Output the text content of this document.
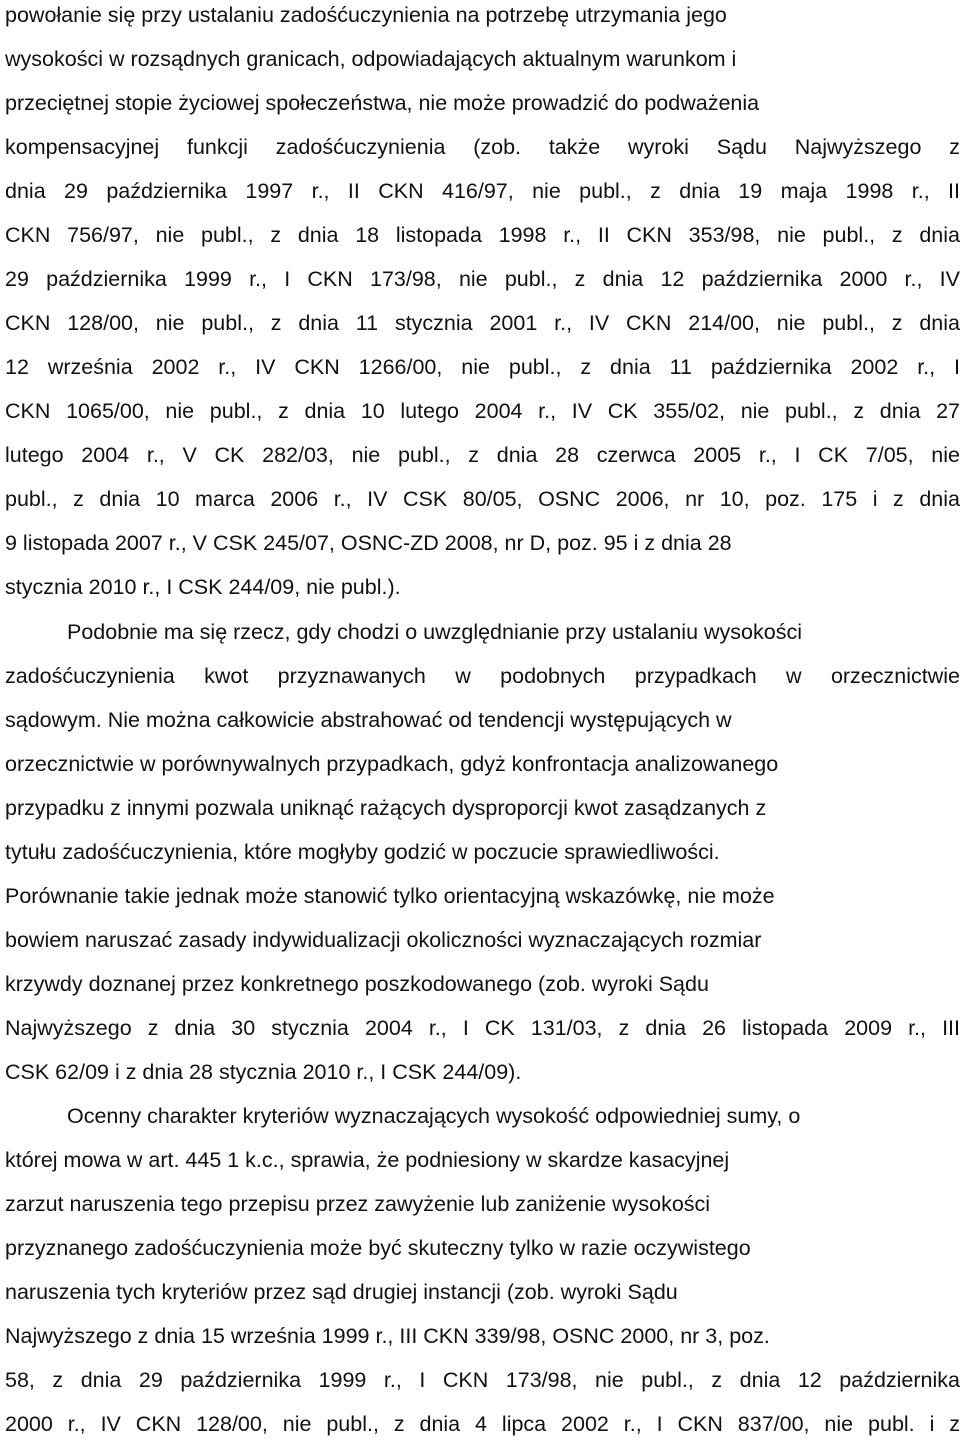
powołanie się przy ustalaniu zadośćuczynienia na potrzebę utrzymania jego
wysokości w rozsądnych granicach, odpowiadających aktualnym warunkom i
przeciętnej stopie życiowej społeczeństwa, nie może prowadzić do podważenia
kompensacyjnej funkcji zadośćuczynienia (zob. także wyroki Sądu Najwyższego z
dnia 29 października 1997 r., II CKN 416/97, nie publ., z dnia 19 maja 1998 r., II
CKN 756/97, nie publ., z dnia 18 listopada 1998 r., II CKN 353/98, nie publ., z dnia
29 października 1999 r., I CKN 173/98, nie publ., z dnia 12 października 2000 r., IV
CKN 128/00, nie publ., z dnia 11 stycznia 2001 r., IV CKN 214/00, nie publ., z dnia
12 września 2002 r., IV CKN 1266/00, nie publ., z dnia 11 października 2002 r., I
CKN 1065/00, nie publ., z dnia 10 lutego 2004 r., IV CK 355/02, nie publ., z dnia 27
lutego 2004 r., V CK 282/03, nie publ., z dnia 28 czerwca 2005 r., I CK 7/05, nie
publ., z dnia 10 marca 2006 r., IV CSK 80/05, OSNC 2006, nr 10, poz. 175 i z dnia
9 listopada 2007 r., V CSK 245/07, OSNC-ZD 2008, nr D, poz. 95 i z dnia 28
stycznia 2010 r., I CSK 244/09, nie publ.).
Podobnie ma się rzecz, gdy chodzi o uwzględnianie przy ustalaniu wysokości
zadośćuczynienia kwot przyznawanych w podobnych przypadkach w orzecznictwie
sądowym. Nie można całkowicie abstrahować od tendencji występujących w
orzecznictwie w porównywalnych przypadkach, gdyż konfrontacja analizowanego
przypadku z innymi pozwala uniknąć rażących dysproporcji kwot zasądzanych z
tytułu zadośćuczynienia, które mogłyby godzić w poczucie sprawiedliwości.
Porównanie takie jednak może stanowić tylko orientacyjną wskazówkę, nie może
bowiem naruszać zasady indywidualizacji okoliczności wyznaczających rozmiar
krzywdy doznanej przez konkretnego poszkodowanego (zob. wyroki Sądu
Najwyższego z dnia 30 stycznia 2004 r., I CK 131/03, z dnia 26 listopada 2009 r., III
CSK 62/09 i z dnia 28 stycznia 2010 r., I CSK 244/09).
Ocenny charakter kryteriów wyznaczających wysokość odpowiedniej sumy, o
której mowa w art. 445 1 k.c., sprawia, że podniesiony w skardze kasacyjnej
zarzut naruszenia tego przepisu przez zawyżenie lub zaniżenie wysokości
przyznanego zadośćuczynienia może być skuteczny tylko w razie oczywistego
naruszenia tych kryteriów przez sąd drugiej instancji (zob. wyroki Sądu
Najwyższego z dnia 15 września 1999 r., III CKN 339/98, OSNC 2000, nr 3, poz.
58, z dnia 29 października 1999 r., I CKN 173/98, nie publ., z dnia 12 października
2000 r., IV CKN 128/00, nie publ., z dnia 4 lipca 2002 r., I CKN 837/00, nie publ. i z
